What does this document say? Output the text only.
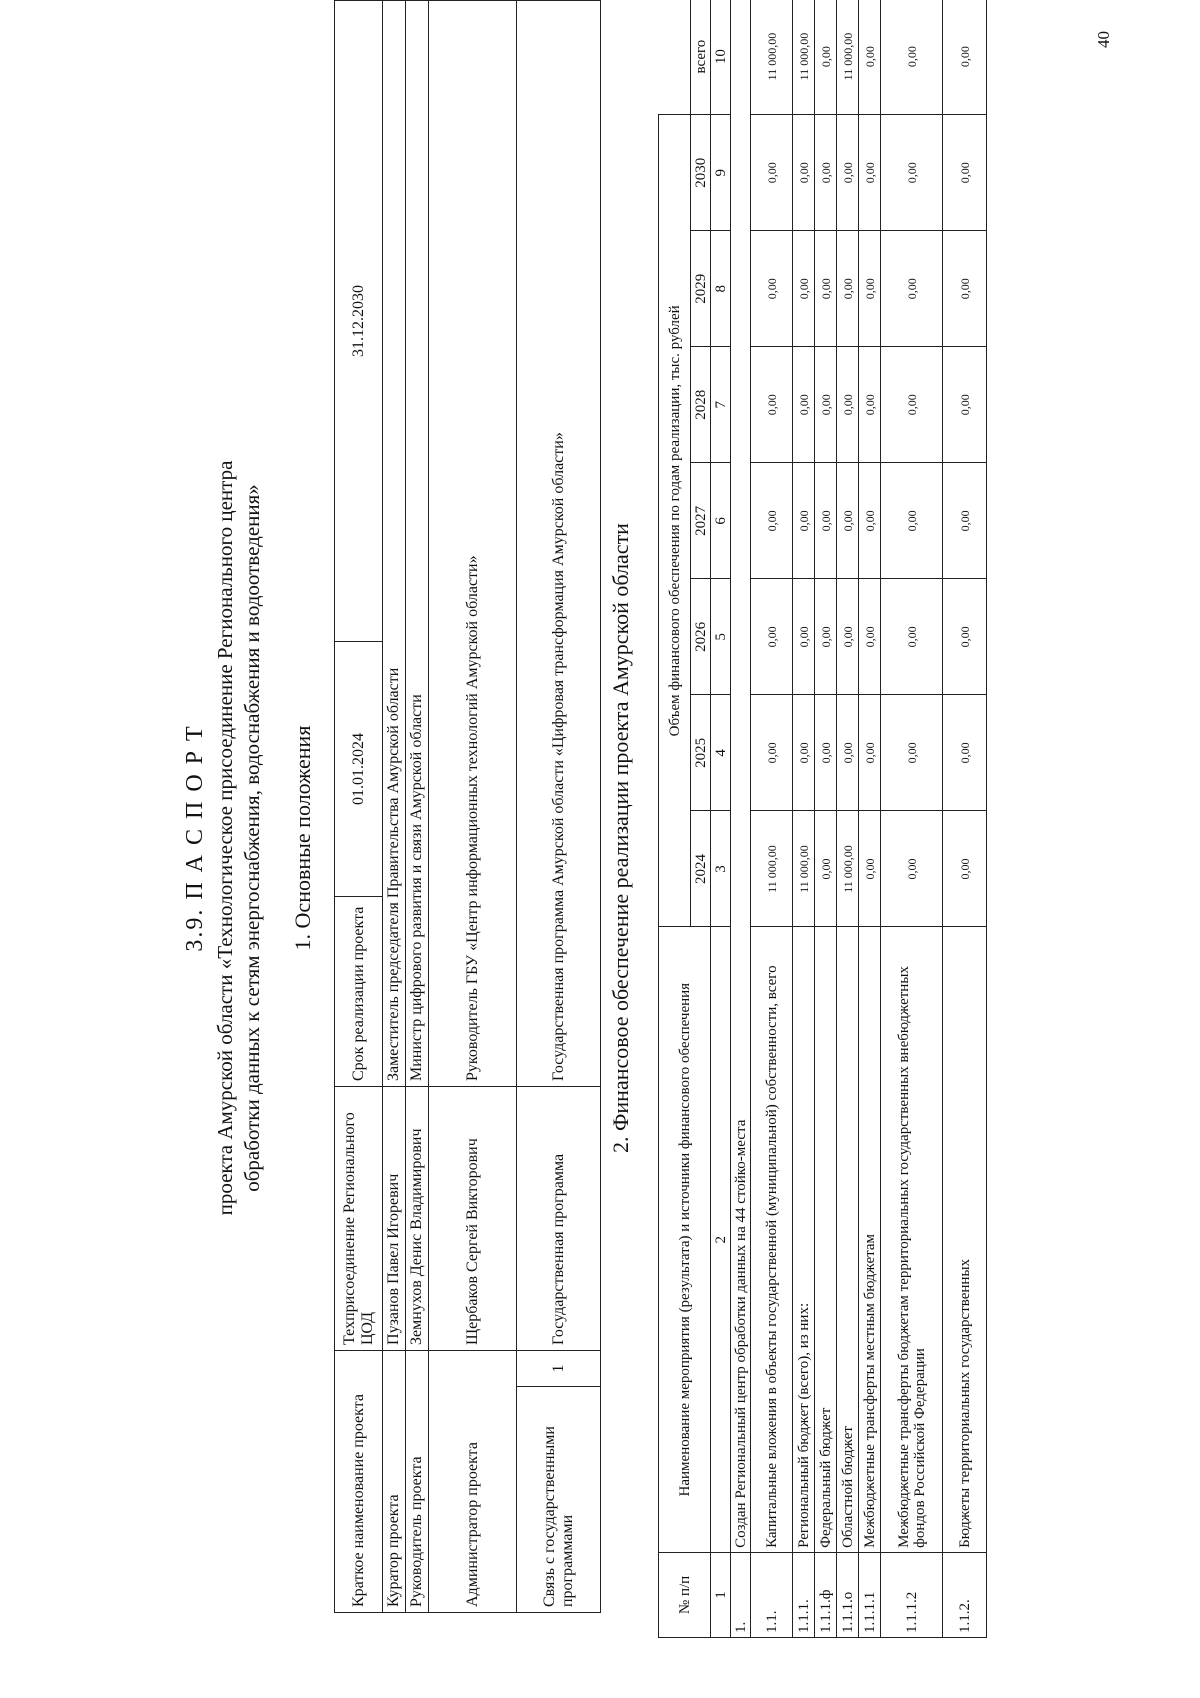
40
3.9. П А С П О Р Т проекта Амурской области «Технологическое присоединение Регионального центра обработки данных к сетям энергоснабжения, водоснабжения и водоотведения» 1. Основные положения
Краткое наименование проекта		Техприсоединение Регионального ЦОД	Срок реализации проекта	01.01.2024	31.12.2030
Куратор проекта		Пузанов Павел Игоревич	Заместитель председателя Правительства Амурской области		
Руководитель проекта		Земнухов Денис Владимирович	Министр цифрового развития и связи Амурской области		
Администратор проекта		Щербаков Сергей Викторович	Руководитель ГБУ «Центр информационных технологий Амурской области»		
Связь с государственными программами	1	Государственная программа	Государственная программа Амурской области «Цифровая трансформация Амурской области»		2. Финансовое обеспечение реализации проекта Амурской области
№ п/п	Наименование мероприятия (результата) и источники финансового обеспечения	Объем финансового обеспечения по годам реализации, тыс. рублей							
		2024	2025	2026	2027	2028	2029	2030	всего
1	2	3	4	5	6	7	8	9	10
1.	Создан Региональный центр обработки данных на 44 стойко-места								
1.1.	Капитальные вложения в объекты государственной (муниципальной) собственности, всего	11 000,00	0,00	0,00	0,00	0,00	0,00	0,00	11 000,00
1.1.1.	Региональный бюджет (всего), из них:	11 000,00	0,00	0,00	0,00	0,00	0,00	0,00	11 000,00
1.1.1.ф	Федеральный бюджет	0,00	0,00	0,00	0,00	0,00	0,00	0,00	0,00
1.1.1.о	Областной бюджет	11 000,00	0,00	0,00	0,00	0,00	0,00	0,00	11 000,00
1.1.1.1	Межбюджетные трансферты местным бюджетам	0,00	0,00	0,00	0,00	0,00	0,00	0,00	0,00
1.1.1.2	Межбюджетные трансферты бюджетам территориальных государственных внебюджетных фондов Российской Федерации	0,00	0,00	0,00	0,00	0,00	0,00	0,00	0,00
1.1.2.	Бюджеты территориальных государственных	0,00	0,00	0,00	0,00	0,00	0,00	0,00	0,00
